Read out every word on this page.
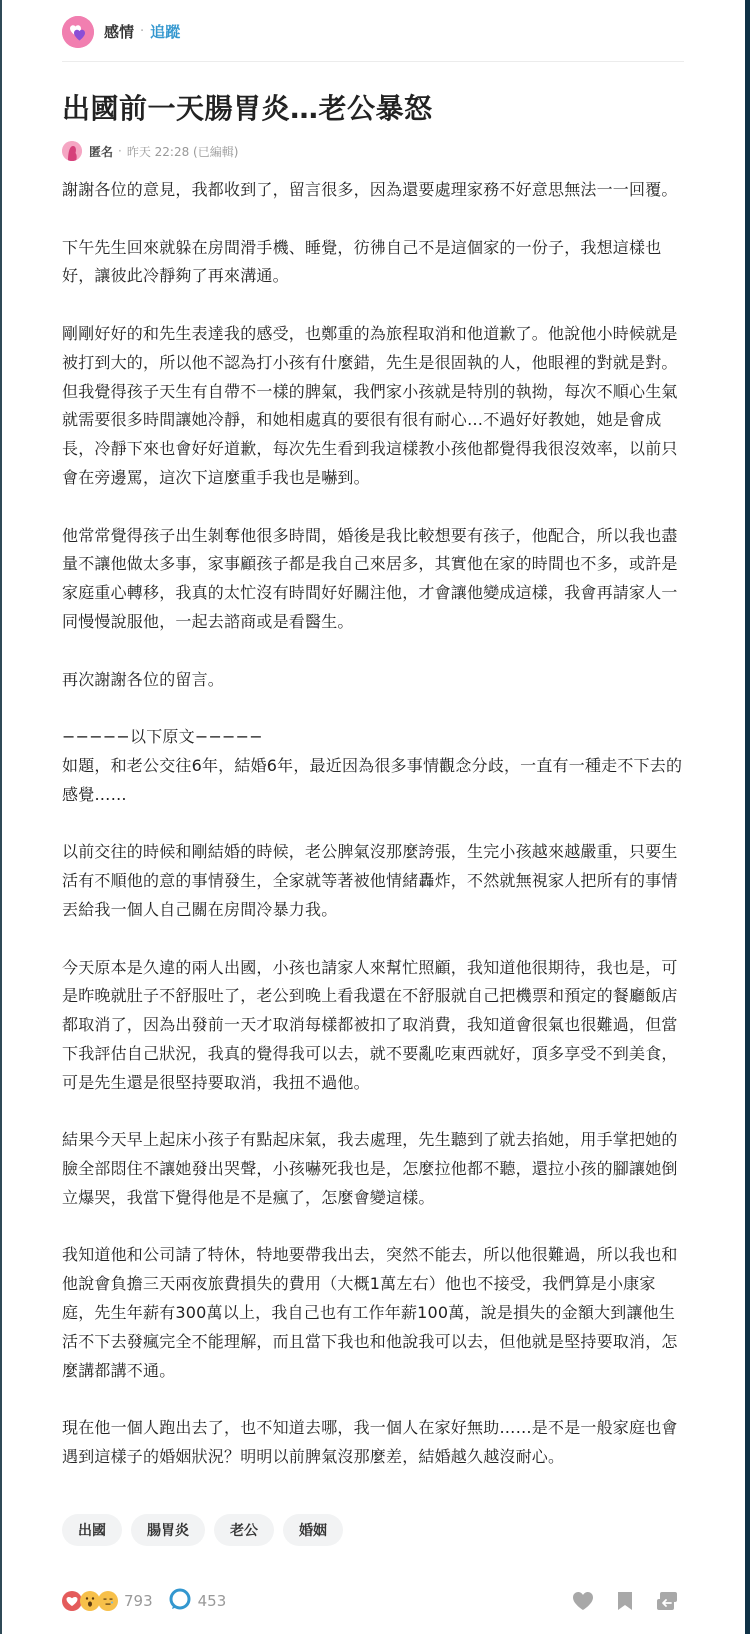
感情 · 追蹤
出國前一天腸胃炎…老公暴怒
匿名 · 昨天 22:28 (已編輯)

謝謝各位的意見，我都收到了，留言很多，因為還要處理家務不好意思無法一一回覆。

下午先生回來就躲在房間滑手機、睡覺，彷彿自己不是這個家的一份子，我想這樣也好，讓彼此冷靜夠了再來溝通。

剛剛好好的和先生表達我的感受，也鄭重的為旅程取消和他道歉了。他說他小時候就是被打到大的，所以他不認為打小孩有什麼錯，先生是很固執的人，他眼裡的對就是對。但我覺得孩子天生有自帶不一樣的脾氣，我們家小孩就是特別的執拗，每次不順心生氣就需要很多時間讓她冷靜，和她相處真的要很有很有耐心…不過好好教她，她是會成長，冷靜下來也會好好道歉，每次先生看到我這樣教小孩他都覺得我很沒效率，以前只會在旁邊罵，這次下這麼重手我也是嚇到。

他常常覺得孩子出生剝奪他很多時間，婚後是我比較想要有孩子，他配合，所以我也盡量不讓他做太多事，家事顧孩子都是我自己來居多，其實他在家的時間也不多，或許是家庭重心轉移，我真的太忙沒有時間好好關注他，才會讓他變成這樣，我會再請家人一同慢慢說服他，一起去諮商或是看醫生。

再次謝謝各位的留言。

−−−−−以下原文−−−−−

如題，和老公交往6年，結婚6年，最近因為很多事情觀念分歧，一直有一種走不下去的感覺……

以前交往的時候和剛結婚的時候，老公脾氣沒那麼誇張，生完小孩越來越嚴重，只要生活有不順他的意的事情發生，全家就等著被他情緒轟炸，不然就無視家人把所有的事情丟給我一個人自己關在房間冷暴力我。

今天原本是久違的兩人出國，小孩也請家人來幫忙照顧，我知道他很期待，我也是，可是昨晚就肚子不舒服吐了，老公到晚上看我還在不舒服就自己把機票和預定的餐廳飯店都取消了，因為出發前一天才取消每樣都被扣了取消費，我知道會很氣也很難過，但當下我評估自己狀況，我真的覺得我可以去，就不要亂吃東西就好，頂多享受不到美食，可是先生還是很堅持要取消，我扭不過他。

結果今天早上起床小孩子有點起床氣，我去處理，先生聽到了就去掐她，用手掌把她的臉全部悶住不讓她發出哭聲，小孩嚇死我也是，怎麼拉他都不聽，還拉小孩的腳讓她倒立爆哭，我當下覺得他是不是瘋了，怎麼會變這樣。

我知道他和公司請了特休，特地要帶我出去，突然不能去，所以他很難過，所以我也和他說會負擔三天兩夜旅費損失的費用（大概1萬左右）他也不接受，我們算是小康家庭，先生年薪有300萬以上，我自己也有工作年薪100萬，說是損失的金額大到讓他生活不下去發瘋完全不能理解，而且當下我也和他說我可以去，但他就是堅持要取消，怎麼講都講不通。

現在他一個人跑出去了，也不知道去哪，我一個人在家好無助……是不是一般家庭也會遇到這樣子的婚姻狀況？明明以前脾氣沒那麼差，結婚越久越沒耐心。

出國	腸胃炎	老公	婚姻
793	453
